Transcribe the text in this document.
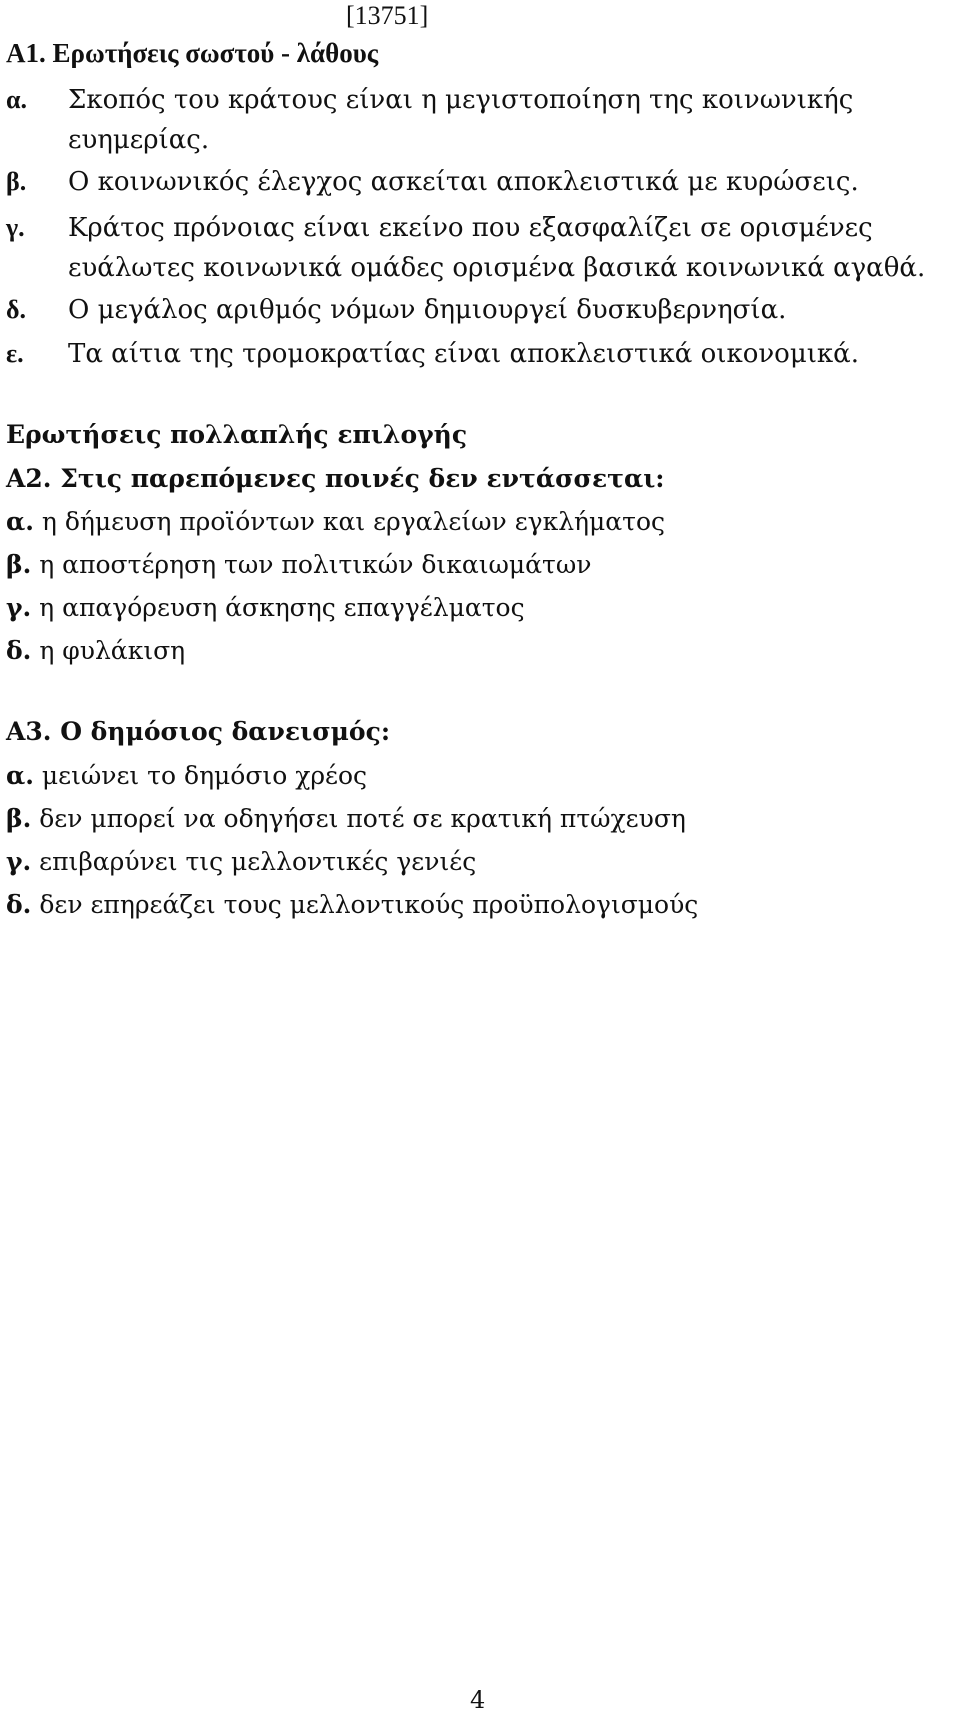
[13751]
Α1. Ερωτήσεις σωστού - λάθους
α. Σκοπός του κράτους είναι η μεγιστοποίηση της κοινωνικής ευημερίας.
β. Ο κοινωνικός έλεγχος ασκείται αποκλειστικά με κυρώσεις.
γ. Κράτος πρόνοιας είναι εκείνο που εξασφαλίζει σε ορισμένες ευάλωτες κοινωνικά ομάδες ορισμένα βασικά κοινωνικά αγαθά.
δ. Ο μεγάλος αριθμός νόμων δημιουργεί δυσκυβερνησία.
ε. Τα αίτια της τρομοκρατίας είναι αποκλειστικά οικονομικά.
Ερωτήσεις πολλαπλής επιλογής
Α2. Στις παρεπόμενες ποινές δεν εντάσσεται:
α. η δήμευση προϊόντων και εργαλείων εγκλήματος
β. η αποστέρηση των πολιτικών δικαιωμάτων
γ. η απαγόρευση άσκησης επαγγέλματος
δ. η φυλάκιση
Α3. Ο δημόσιος δανεισμός:
α. μειώνει το δημόσιο χρέος
β. δεν μπορεί να οδηγήσει ποτέ σε κρατική πτώχευση
γ. επιβαρύνει τις μελλοντικές γενιές
δ. δεν επηρεάζει τους μελλοντικούς προϋπολογισμούς
4
